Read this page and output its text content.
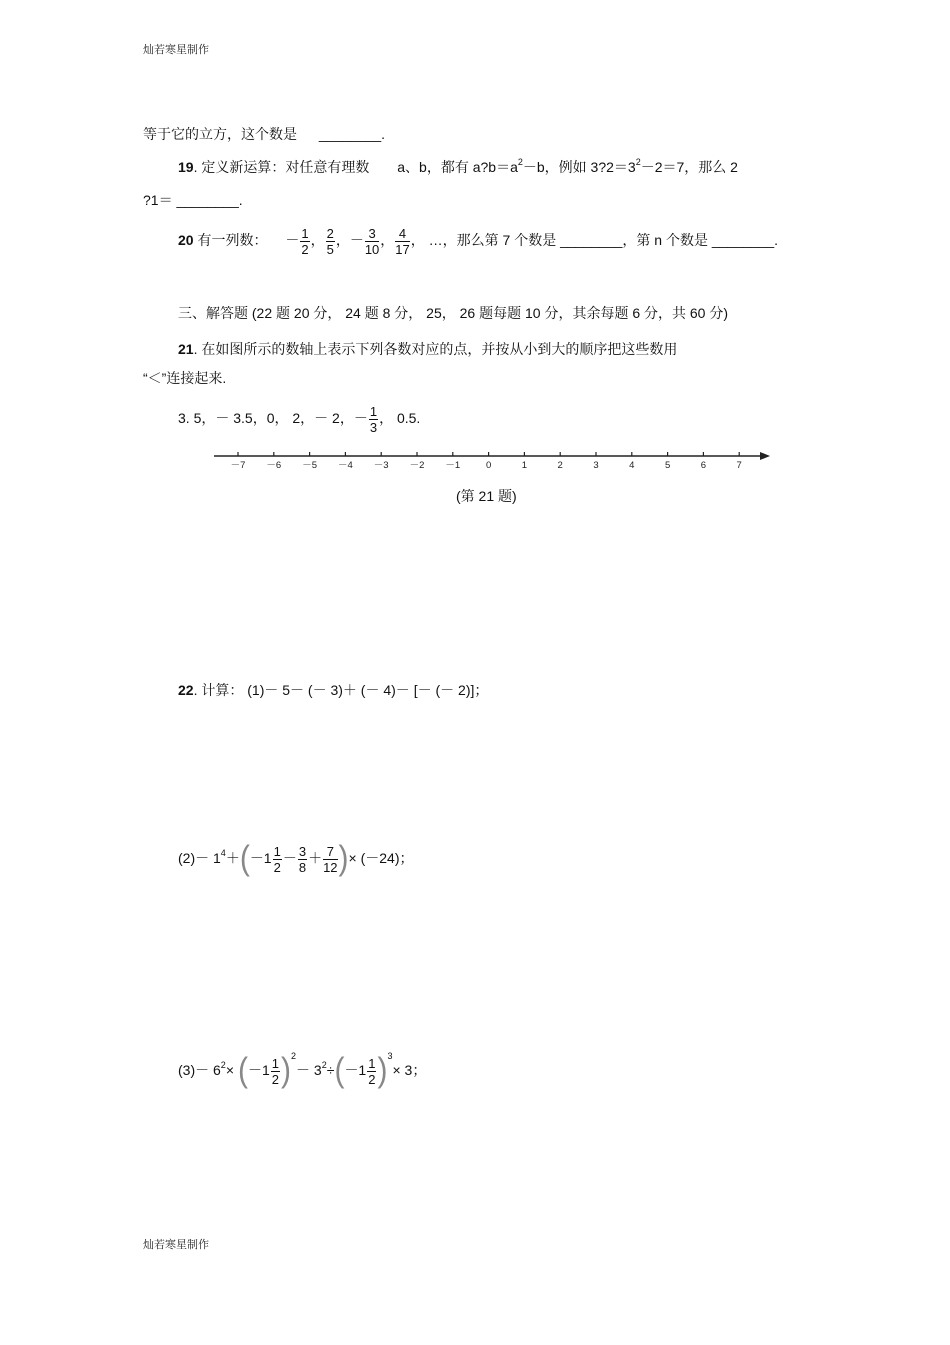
灿若寒星制作
等于它的立方，这个数是 ________.
19. 定义新运算：对任意有理数 a、b，都有 $a?b=a^2-b$，例如 $3?2=3^2-2=7$，那么 2
?1＝ ________.
20 有一列数： － $\frac{1}{2}$ ， $\frac{2}{5}$ ，－ $\frac{3}{10}$ ， $\frac{4}{17}$ ， …，那么第 7 个数是 ________，第 n 个数是 ________.
三、解答题 (22 题 20 分， 24 题 8 分， 25， 26 题每题 10 分，其余每题 6 分，共 60 分)
21. 在如图所示的数轴上表示下列各数对应的点，并按从小到大的顺序把这些数用
“＜”连接起来.
3. 5，－ 3.5，0， 2，－ 2，－ $\frac{1}{3}$ ， 0.5.
－7 －6 －5 －4 －3 －2 －1	0	1	2	3	4	5	6	7
(第 21 题)
22. 计算： (1)－ 5－ (－ 3)＋ (－ 4)－ [－ (－ 2)]；
$(2)- 1^4+(-1 \frac{1}{2} - \frac{3}{8} + \frac{7}{12}$ )× (－24)；
$(3)- 6^2\times (-1 \frac{1}{2} )^2- 3^2\div(-1 \frac{1}{2} )^3\times 3$；
灿若寒星制作
